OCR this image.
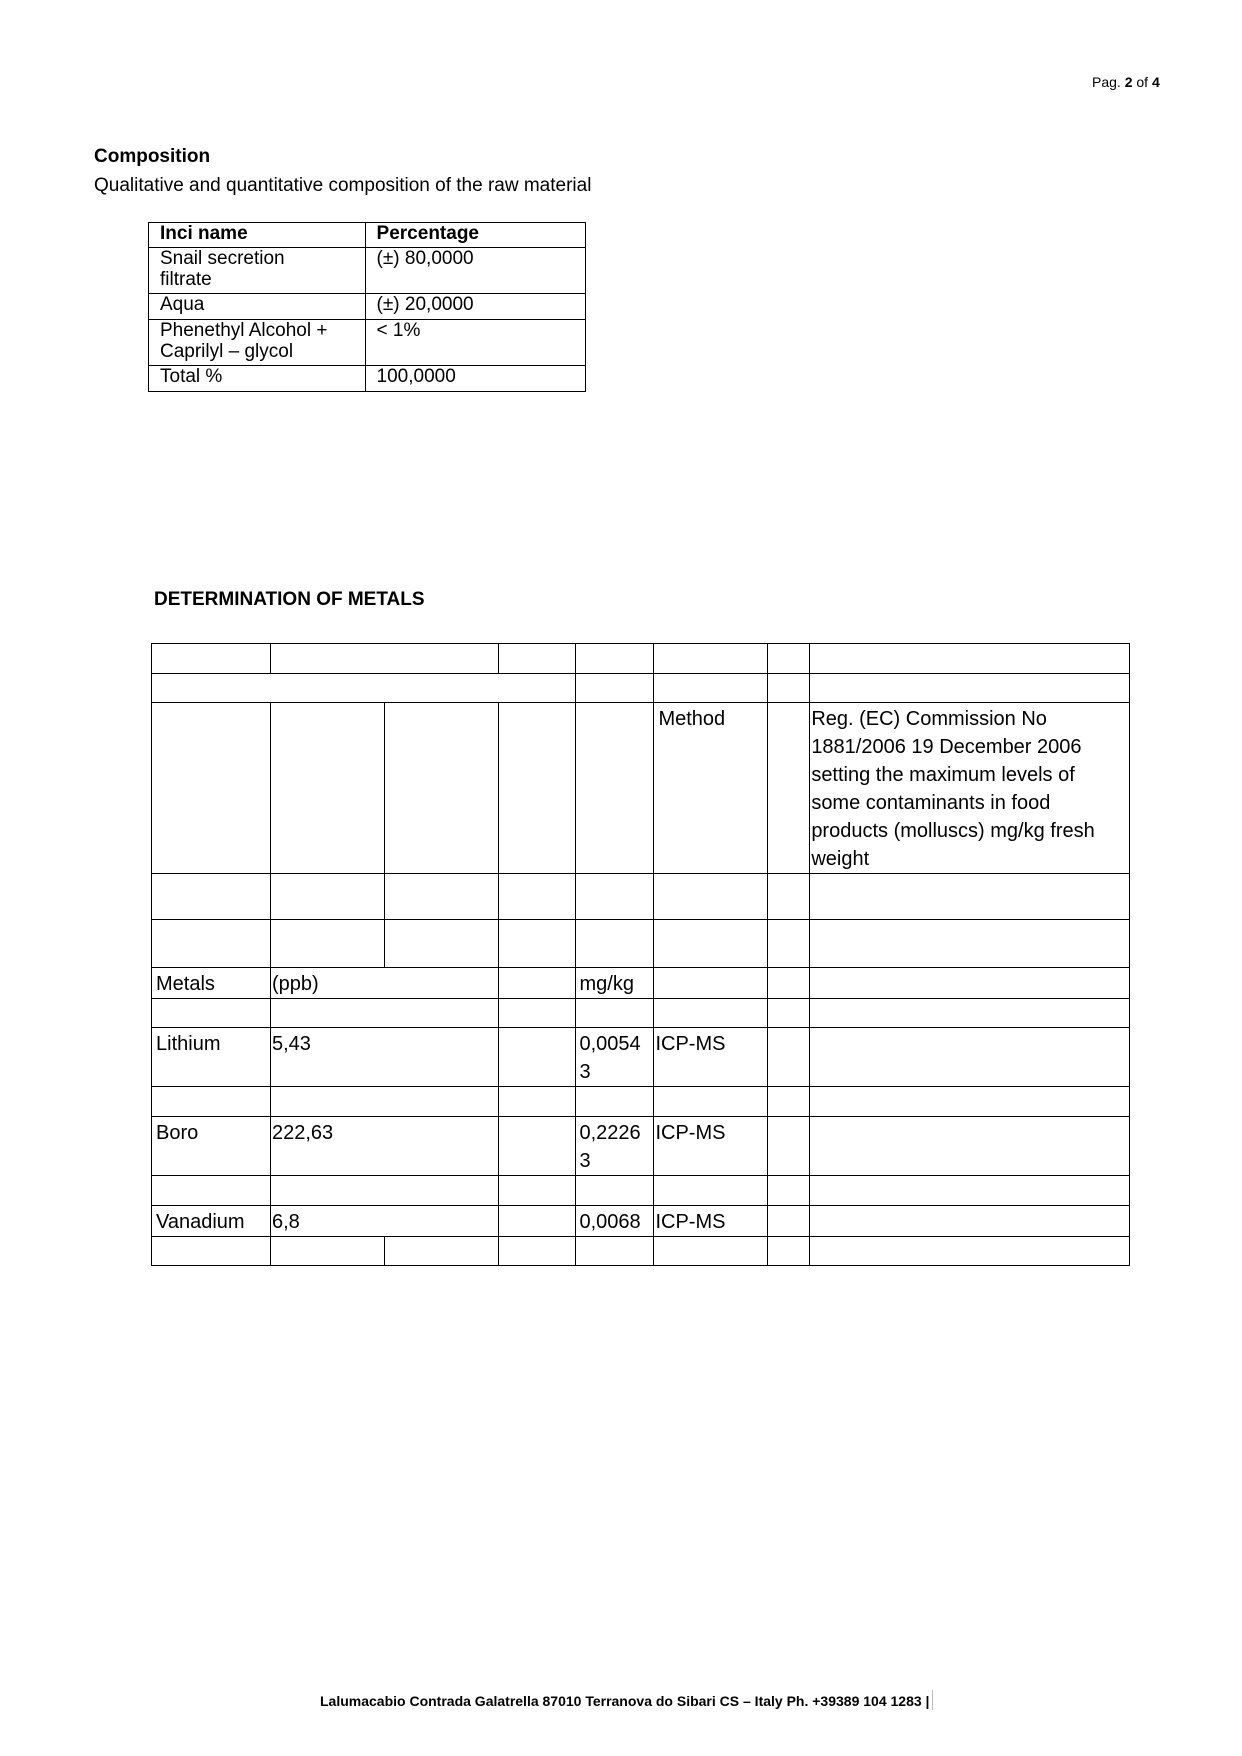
Pag. 2 of 4
Composition
Qualitative and quantitative composition of the raw material
Inci name	Percentage
Snail secretion filtrate	(±) 80,0000
Aqua	(±) 20,0000
Phenethyl Alcohol + Caprilyl – glycol	< 1%
Total %	100,0000
DETERMINATION OF METALS

					Method		Reg. (EC) Commission No 1881/2006 19 December 2006 setting the maximum levels of some contaminants in food products (molluscs) mg/kg fresh weight

Metals	(ppb)			mg/kg			

Lithium	5,43			0,0054 3	ICP-MS		

Boro	222,63			0,2226 3	ICP-MS		

Vanadium	6,8			0,0068	ICP-MS		

Lalumacabio Contrada Galatrella 87010 Terranova do Sibari CS – Italy Ph. +39389 104 1283 |
